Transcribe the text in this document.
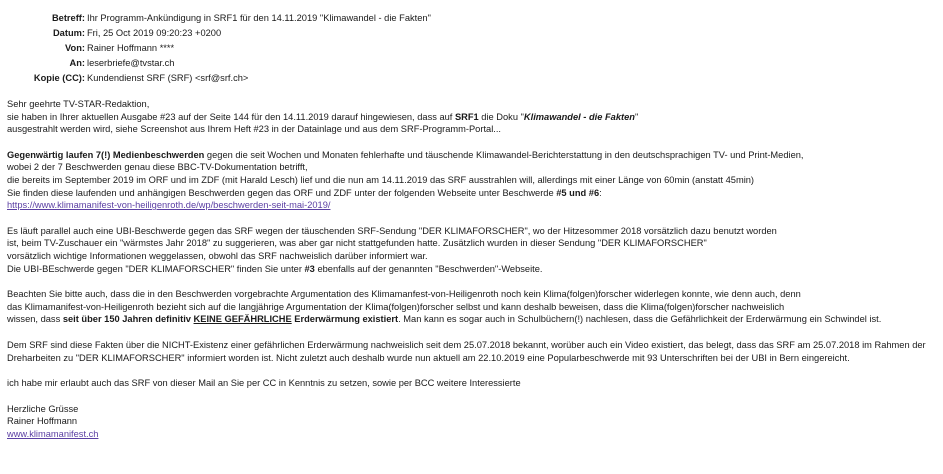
Betreff: Ihr Programm-Ankündigung in SRF1 für den 14.11.2019 "Klimawandel - die Fakten"
Datum: Fri, 25 Oct 2019 09:20:23 +0200
Von: Rainer Hoffmann ****
An: leserbriefe@tvstar.ch
Kopie (CC): Kundendienst SRF (SRF) <srf@srf.ch>
Sehr geehrte TV-STAR-Redaktion,
sie haben in Ihrer aktuellen Ausgabe #23 auf der Seite 144 für den 14.11.2019 darauf hingewiesen, dass auf SRF1 die Doku "Klimawandel - die Fakten"
ausgestrahlt werden wird, siehe Screenshot aus Ihrem Heft #23 in der Datainlage und aus dem SRF-Programm-Portal...
Gegenwärtig laufen 7(!) Medienbeschwerden gegen die seit Wochen und Monaten fehlerhafte und täuschende Klimawandel-Berichterstattung in den deutschsprachigen TV- und Print-Medien,
wobei 2 der 7 Beschwerden genau diese BBC-TV-Dokumentation betrifft,
die bereits im September 2019 im ORF und im ZDF (mit Harald Lesch) lief und die nun am 14.11.2019 das SRF ausstrahlen will, allerdings mit einer Länge von 60min (anstatt 45min)
Sie finden diese laufenden und anhängigen Beschwerden gegen das ORF und ZDF unter der folgenden Webseite unter Beschwerde #5 und #6:
https://www.klimamanifest-von-heiligenroth.de/wp/beschwerden-seit-mai-2019/
Es läuft parallel auch eine UBI-Beschwerde gegen das SRF wegen der täuschenden SRF-Sendung "DER KLIMAFORSCHER", wo der Hitzesommer 2018 vorsätzlich dazu benutzt worden
ist, beim TV-Zuschauer ein "wärmstes Jahr 2018" zu suggerieren, was aber gar nicht stattgefunden hatte. Zusätzlich wurden in dieser Sendung "DER KLIMAFORSCHER"
vorsätzlich wichtige Informationen weggelassen, obwohl das SRF nachweislich darüber informiert war.
Die UBI-BEschwerde gegen "DER KLIMAFORSCHER" finden Sie unter #3 ebenfalls auf der genannten "Beschwerden"-Webseite.
Beachten Sie bitte auch, dass die in den Beschwerden vorgebrachte Argumentation des Klimamanfest-von-Heiligenroth noch kein Klima(folgen)forscher widerlegen konnte, wie denn auch, denn
das Klimamanifest-von-Heiligenroth bezieht sich auf die langjährige Argumentation der Klima(folgen)forscher selbst und kann deshalb beweisen, dass die Klima(folgen)forscher nachweislich
wissen, dass seit über 150 Jahren definitiv KEINE GEFÄHRLICHE Erderwärmung existiert. Man kann es sogar auch in Schulbüchern(!) nachlesen, dass die Gefährlichkeit der Erderwärmung ein Schwindel ist.
Dem SRF sind diese Fakten über die NICHT-Existenz einer gefährlichen Erderwärmung nachweislich seit dem 25.07.2018 bekannt, worüber auch ein Video existiert, das belegt, dass das SRF am 25.07.2018 im Rahmen der
Dreharbeiten zu "DER KLIMAFORSCHER" informiert worden ist. Nicht zuletzt auch deshalb wurde nun aktuell am 22.10.2019 eine Popularbeschwerde mit 93 Unterschriften bei der UBI in Bern eingereicht.
ich habe mir erlaubt auch das SRF von dieser Mail an Sie per CC in Kenntnis zu setzen, sowie per BCC weitere Interessierte
Herzliche Grüsse
Rainer Hoffmann
www.klimamanifest.ch
